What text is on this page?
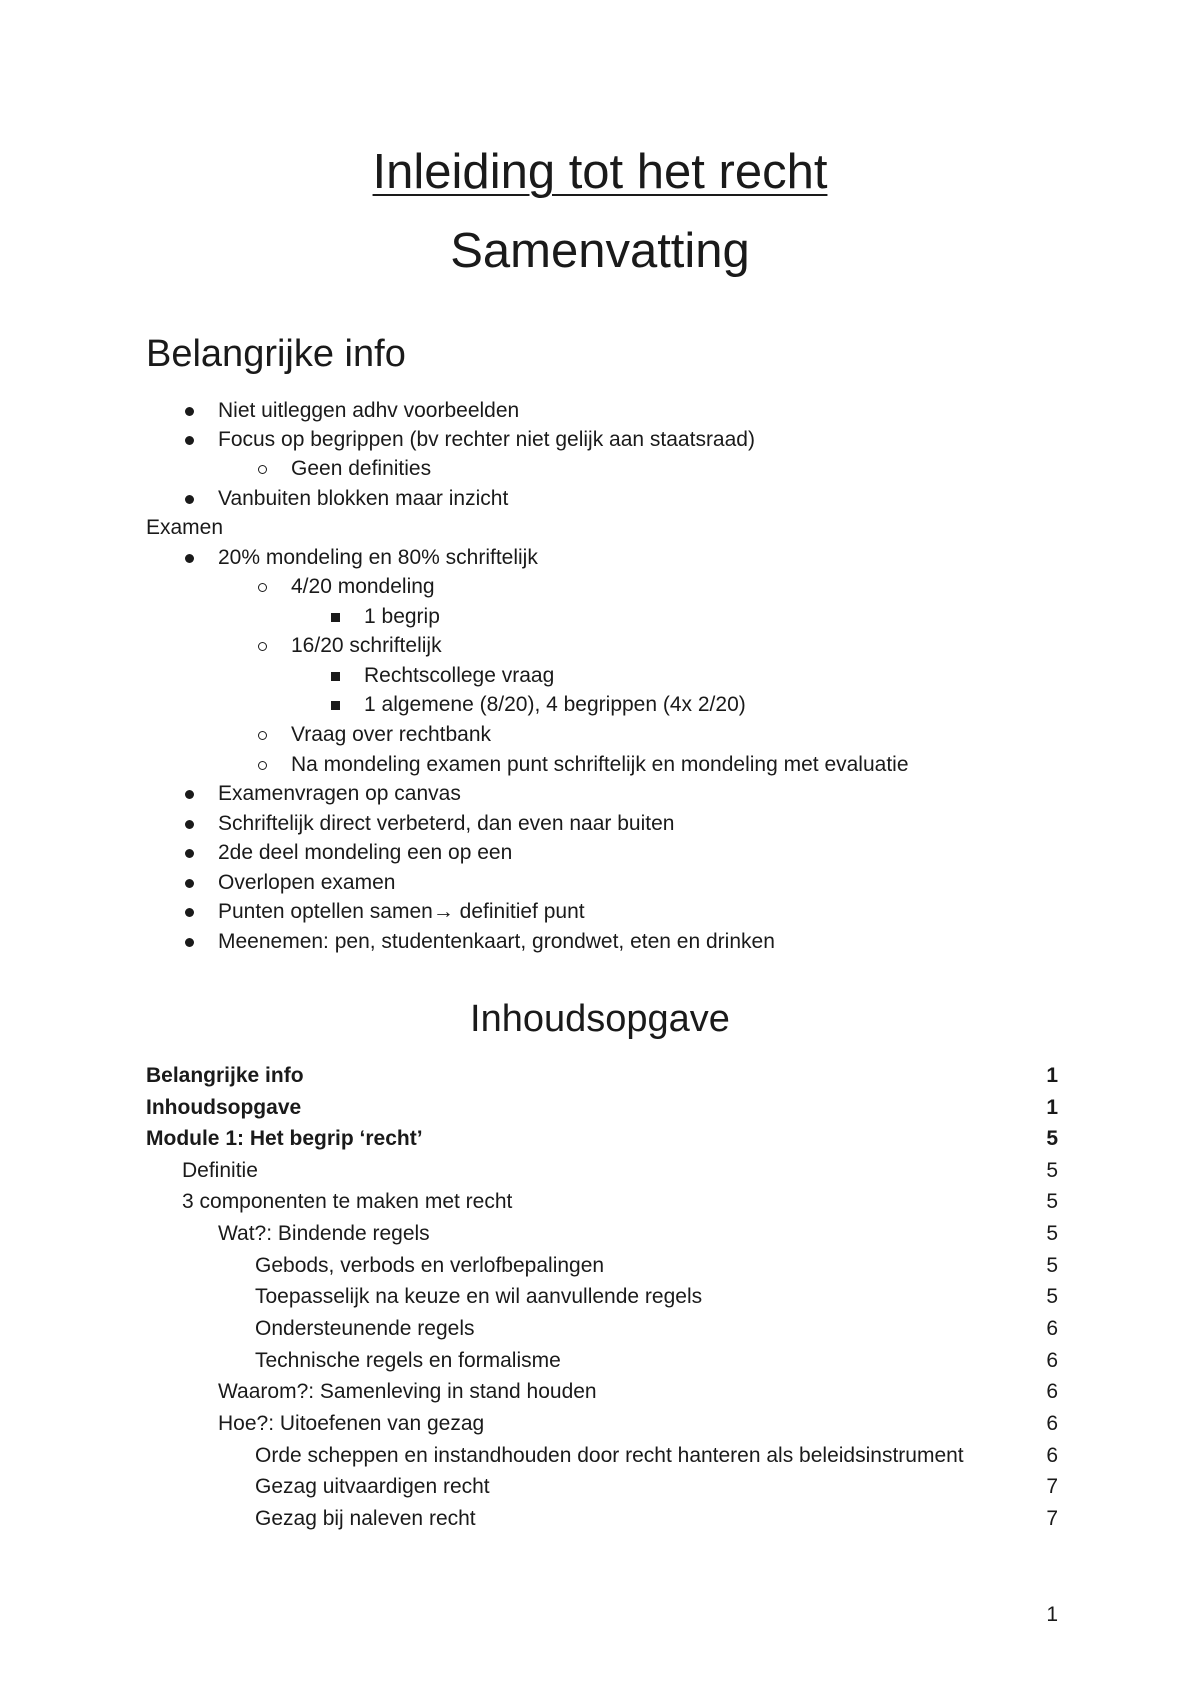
Inleiding tot het recht
Samenvatting
Belangrijke info
Niet uitleggen adhv voorbeelden
Focus op begrippen (bv rechter niet gelijk aan staatsraad)
Geen definities
Vanbuiten blokken maar inzicht
Examen
20% mondeling en 80% schriftelijk
4/20 mondeling
1 begrip
16/20 schriftelijk
Rechtscollege vraag
1 algemene (8/20), 4 begrippen (4x 2/20)
Vraag over rechtbank
Na mondeling examen punt schriftelijk en mondeling met evaluatie
Examenvragen op canvas
Schriftelijk direct verbeterd, dan even naar buiten
2de deel mondeling een op een
Overlopen examen
Punten optellen samen→ definitief punt
Meenemen: pen, studentenkaart, grondwet, eten en drinken
Inhoudsopgave
Belangrijke info	1
Inhoudsopgave	1
Module 1: Het begrip ‘recht’	5
Definitie	5
3 componenten te maken met recht	5
Wat?: Bindende regels	5
Gebods, verbods en verlofbepalingen	5
Toepasselijk na keuze en wil aanvullende regels	5
Ondersteunende regels	6
Technische regels en formalisme	6
Waarom?: Samenleving in stand houden	6
Hoe?: Uitoefenen van gezag	6
Orde scheppen en instandhouden door recht hanteren als beleidsinstrument	6
Gezag uitvaardigen recht	7
Gezag bij naleven recht	7
1
